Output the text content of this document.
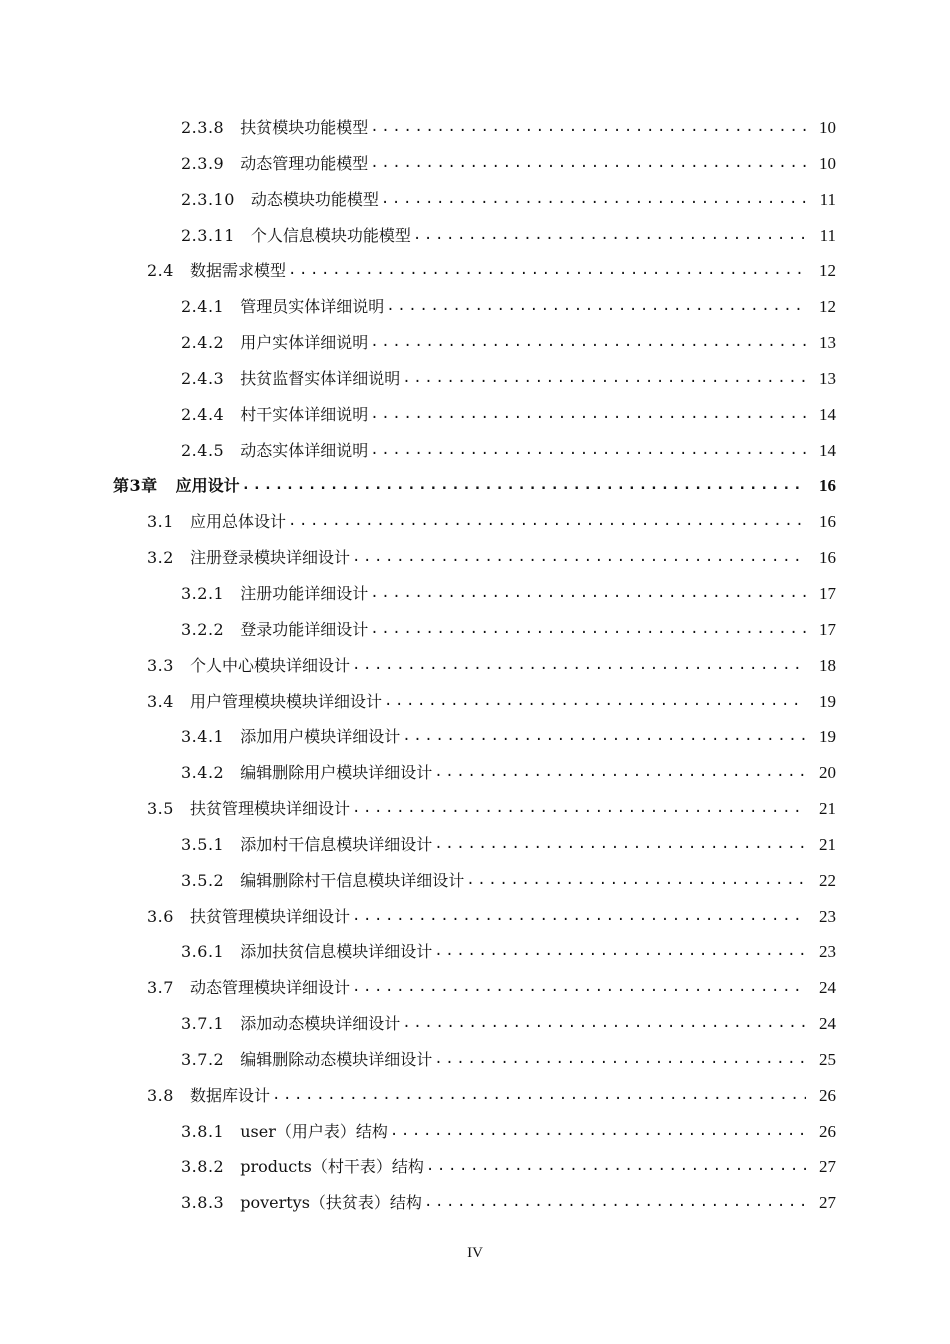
2.3.8 扶贫模块功能模型 .....	10
2.3.9 动态管理功能模型 .....	10
2.3.10 动态模块功能模型 .....	11
2.3.11 个人信息模块功能模型 .....	11
2.4 数据需求模型 .....	12
2.4.1 管理员实体详细说明 .....	12
2.4.2 用户实体详细说明 .....	13
2.4.3 扶贫监督实体详细说明 .....	13
2.4.4 村干实体详细说明 .....	14
2.4.5 动态实体详细说明 .....	14
第3章 应用设计 .....	16
3.1 应用总体设计 .....	16
3.2 注册登录模块详细设计 .....	16
3.2.1 注册功能详细设计 .....	17
3.2.2 登录功能详细设计 .....	17
3.3 个人中心模块详细设计 .....	18
3.4 用户管理模块模块详细设计 .....	19
3.4.1 添加用户模块详细设计 .....	19
3.4.2 编辑删除用户模块详细设计 .....	20
3.5 扶贫管理模块详细设计 .....	21
3.5.1 添加村干信息模块详细设计 .....	21
3.5.2 编辑删除村干信息模块详细设计 .....	22
3.6 扶贫管理模块详细设计 .....	23
3.6.1 添加扶贫信息模块详细设计 .....	23
3.7 动态管理模块详细设计 .....	24
3.7.1 添加动态模块详细设计 .....	24
3.7.2 编辑删除动态模块详细设计 .....	25
3.8 数据库设计 .....	26
3.8.1 user（用户表）结构 .....	26
3.8.2 products（村干表）结构 .....	27
3.8.3 povertys（扶贫表）结构 .....	27
IV
